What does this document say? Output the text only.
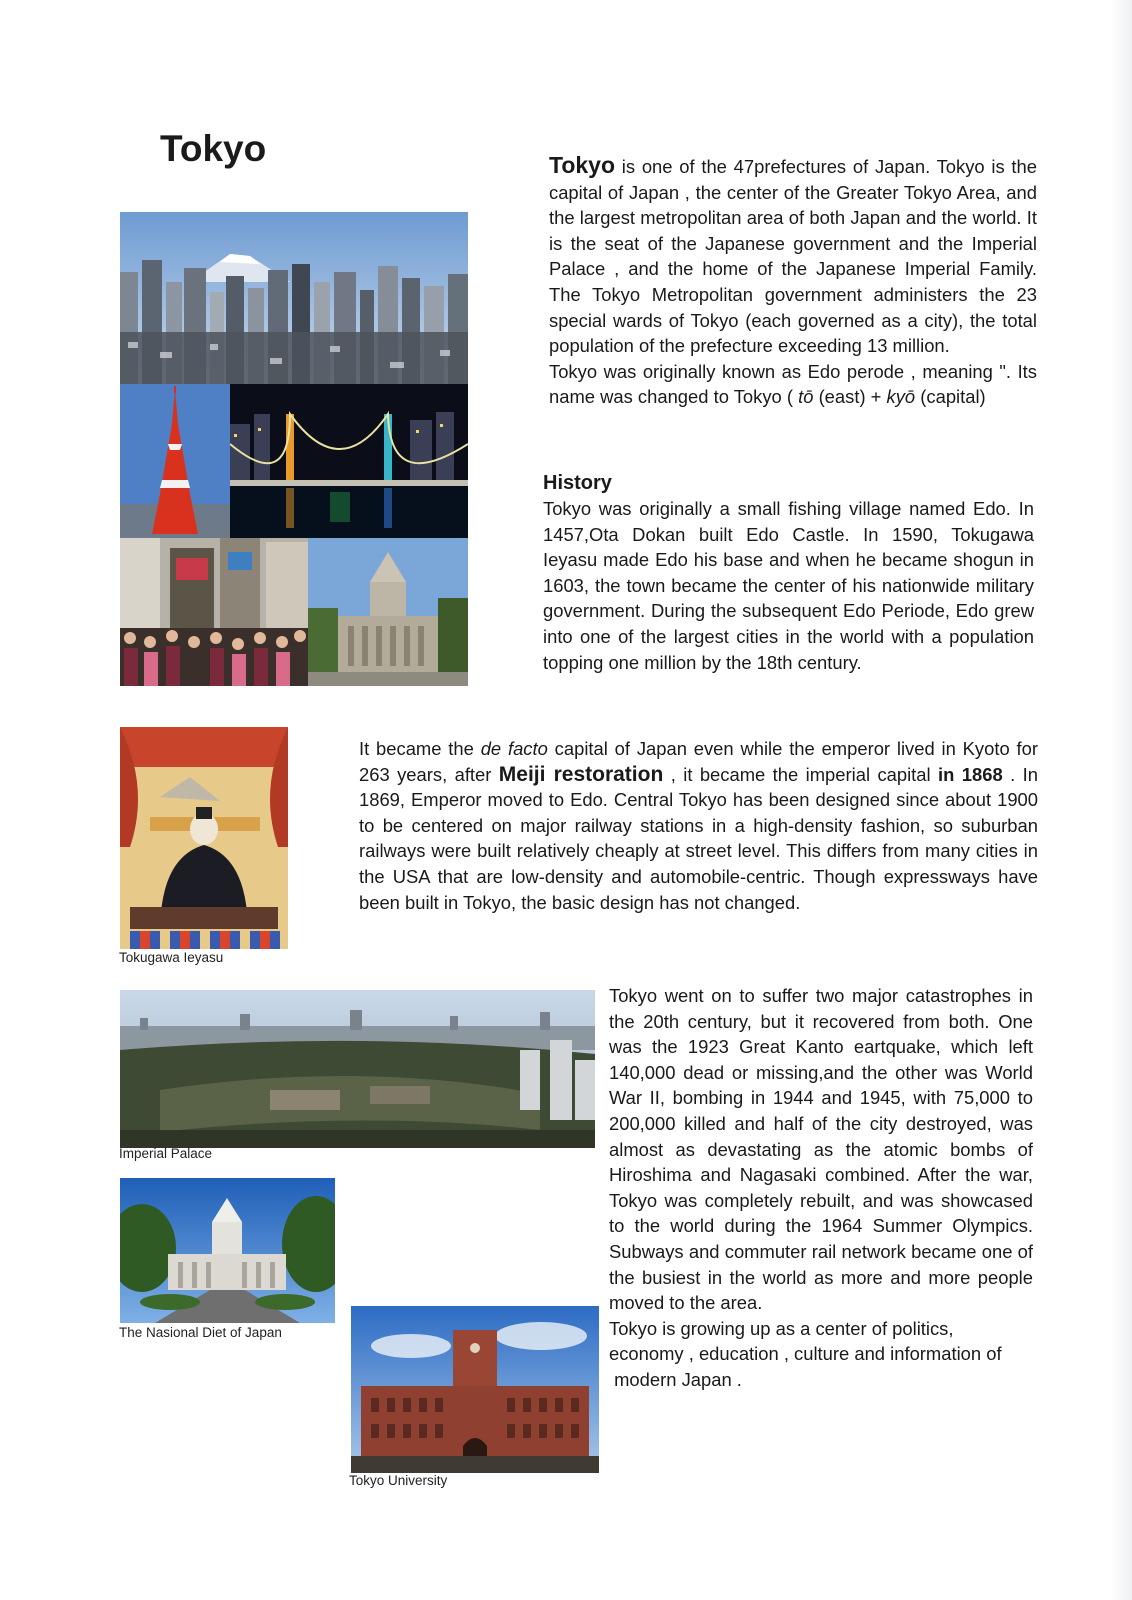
Tokyo	Tokyo is one of the 47prefectures of Japan. Tokyo is the capital of Japan , the center of the Greater Tokyo Area, and the largest metropolitan area of both Japan and the world. It is the seat of the Japanese government and the Imperial Palace , and the home of the Japanese Imperial Family. The Tokyo Metropolitan government administers the 23 special wards of Tokyo (each governed as a city), the total population of the prefecture exceeding 13 million.

Tokyo was originally known as Edo perode , meaning ". Its name was changed to Tokyo ( tō (east) + kyō (capital)

History

Tokyo was originally a small fishing village named Edo. In 1457,Ota Dokan built Edo Castle. In 1590, Tokugawa Ieyasu made Edo his base and when he became shogun in 1603, the town became the center of his nationwide military government. During the subsequent Edo Periode, Edo grew into one of the largest cities in the world with a population topping one million by the 18th century.

Tokugawa Ieyasu

It became the de facto capital of Japan even while the emperor lived in Kyoto for 263 years, after Meiji restoration , it became the imperial capital in 1868 . In 1869, Emperor moved to Edo. Central Tokyo has been designed since about 1900 to be centered on major railway stations in a high-density fashion, so suburban railways were built relatively cheaply at street level. This differs from many cities in the USA that are low-density and automobile-centric. Though expressways have been built in Tokyo, the basic design has not changed.

Imperial Palace
The Nasional Diet of Japan
Tokyo University

Tokyo went on to suffer two major catastrophes in the 20th century, but it recovered from both. One was the 1923 Great Kanto eartquake, which left 140,000 dead or missing,and the other was World War II, bombing in 1944 and 1945, with 75,000 to 200,000 killed and half of the city destroyed, was almost as devastating as the atomic bombs of Hiroshima and Nagasaki combined. After the war, Tokyo was completely rebuilt, and was showcased to the world during the 1964 Summer Olympics. Subways and commuter rail network became one of the busiest in the world as more and more people moved to the area.

Tokyo is growing up as a center of politics,
economy , education , culture and information of
modern Japan .
